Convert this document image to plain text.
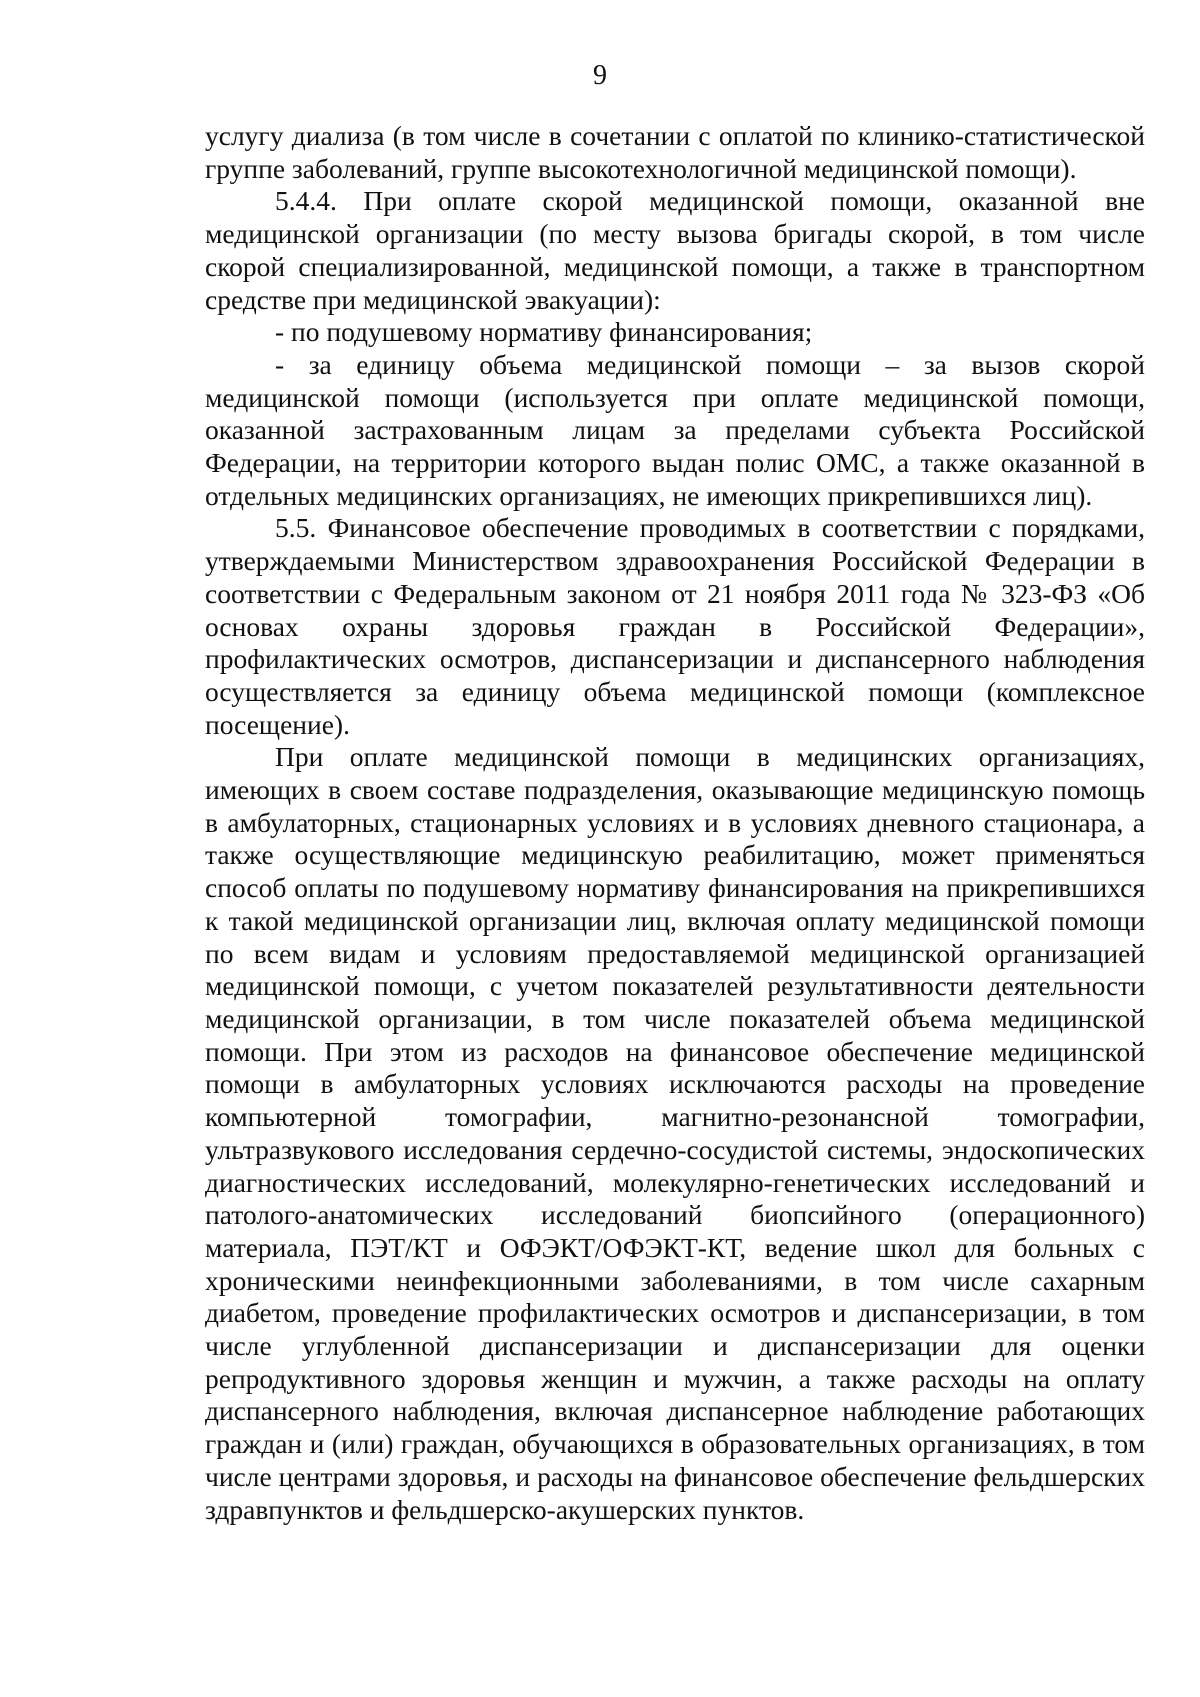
9

услугу диализа (в том числе в сочетании с оплатой по клинико-статистической группе заболеваний, группе высокотехнологичной медицинской помощи).

5.4.4. При оплате скорой медицинской помощи, оказанной вне медицинской организации (по месту вызова бригады скорой, в том числе скорой специализированной, медицинской помощи, а также в транспортном средстве при медицинской эвакуации):

- по подушевому нормативу финансирования;

- за единицу объема медицинской помощи – за вызов скорой медицинской помощи (используется при оплате медицинской помощи, оказанной застрахованным лицам за пределами субъекта Российской Федерации, на территории которого выдан полис ОМС, а также оказанной в отдельных медицинских организациях, не имеющих прикрепившихся лиц).

5.5. Финансовое обеспечение проводимых в соответствии с порядками, утверждаемыми Министерством здравоохранения Российской Федерации в соответствии с Федеральным законом от 21 ноября 2011 года № 323-ФЗ «Об основах охраны здоровья граждан в Российской Федерации», профилактических осмотров, диспансеризации и диспансерного наблюдения осуществляется за единицу объема медицинской помощи (комплексное посещение).

При оплате медицинской помощи в медицинских организациях, имеющих в своем составе подразделения, оказывающие медицинскую помощь в амбулаторных, стационарных условиях и в условиях дневного стационара, а также осуществляющие медицинскую реабилитацию, может применяться способ оплаты по подушевому нормативу финансирования на прикрепившихся к такой медицинской организации лиц, включая оплату медицинской помощи по всем видам и условиям предоставляемой медицинской организацией медицинской помощи, с учетом показателей результативности деятельности медицинской организации, в том числе показателей объема медицинской помощи. При этом из расходов на финансовое обеспечение медицинской помощи в амбулаторных условиях исключаются расходы на проведение компьютерной томографии, магнитно-резонансной томографии, ультразвукового исследования сердечно-сосудистой системы, эндоскопических диагностических исследований, молекулярно-генетических исследований и патолого-анатомических исследований биопсийного (операционного) материала, ПЭТ/КТ и ОФЭКТ/ОФЭКТ-КТ, ведение школ для больных с хроническими неинфекционными заболеваниями, в том числе сахарным диабетом, проведение профилактических осмотров и диспансеризации, в том числе углубленной диспансеризации и диспансеризации для оценки репродуктивного здоровья женщин и мужчин, а также расходы на оплату диспансерного наблюдения, включая диспансерное наблюдение работающих граждан и (или) граждан, обучающихся в образовательных организациях, в том числе центрами здоровья, и расходы на финансовое обеспечение фельдшерских здравпунктов и фельдшерско-акушерских пунктов.
